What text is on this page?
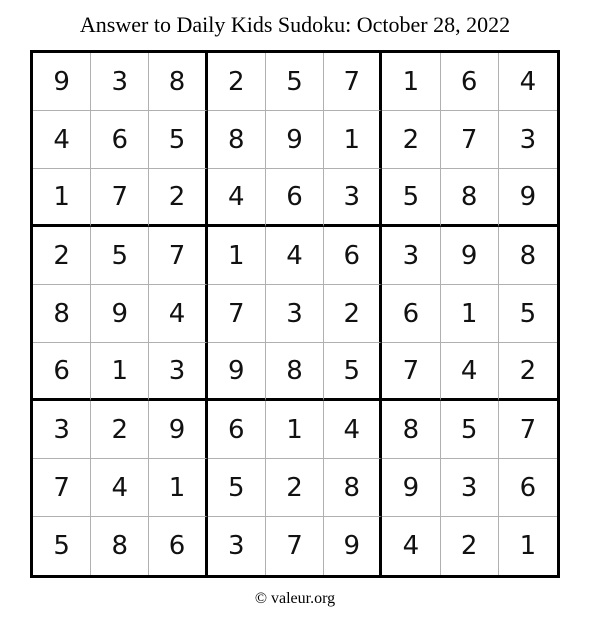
Answer to Daily Kids Sudoku: October 28, 2022
9	3	8	2	5	7	1	6	4
4	6	5	8	9	1	2	7	3
1	7	2	4	6	3	5	8	9
2	5	7	1	4	6	3	9	8
8	9	4	7	3	2	6	1	5
6	1	3	9	8	5	7	4	2
3	2	9	6	1	4	8	5	7
7	4	1	5	2	8	9	3	6
5	8	6	3	7	9	4	2	1
© valeur.org
